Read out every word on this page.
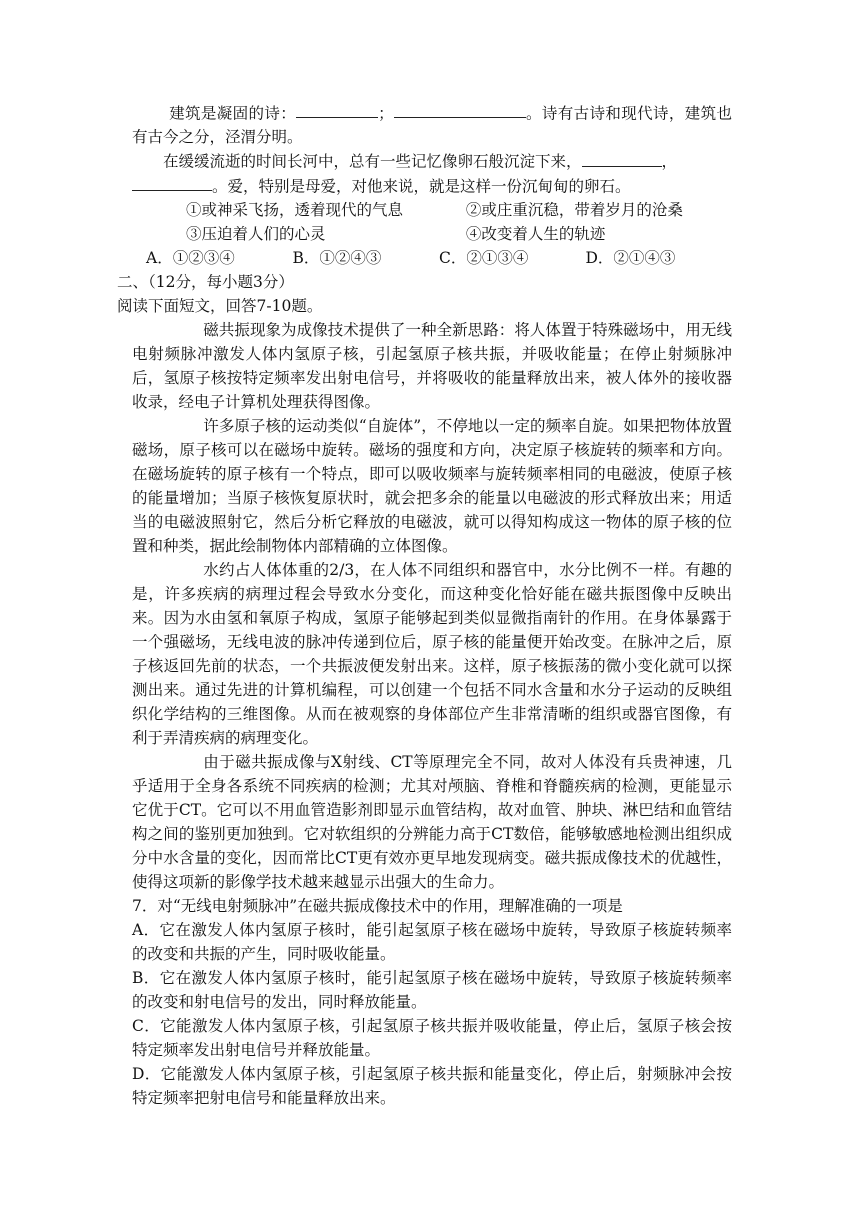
建筑是凝固的诗：	；	。诗有古诗和现代诗，建筑也有古今之分，泾渭分明。

在缓缓流逝的时间长河中，总有一些记忆像卵石般沉淀下来，	，
。爱，特别是母爱，对他来说，就是这样一份沉甸甸的卵石。

①或神采飞扬，透着现代的气息	②或庄重沉稳，带着岁月的沧桑

③压迫着人们的心灵	④改变着人生的轨迹

A．①②③④	B．①②④③	C．②①③④	D．②①④③

二、（12分，每小题3分）

阅读下面短文，回答7-10题。

磁共振现象为成像技术提供了一种全新思路：将人体置于特殊磁场中，用无线电射频脉冲激发人体内氢原子核，引起氢原子核共振，并吸收能量；在停止射频脉冲后，氢原子核按特定频率发出射电信号，并将吸收的能量释放出来，被人体外的接收器收录，经电子计算机处理获得图像。

许多原子核的运动类似“自旋体”，不停地以一定的频率自旋。如果把物体放置磁场，原子核可以在磁场中旋转。磁场的强度和方向，决定原子核旋转的频率和方向。在磁场旋转的原子核有一个特点，即可以吸收频率与旋转频率相同的电磁波，使原子核的能量增加；当原子核恢复原状时，就会把多余的能量以电磁波的形式释放出来；用适当的电磁波照射它，然后分析它释放的电磁波，就可以得知构成这一物体的原子核的位置和种类，据此绘制物体内部精确的立体图像。

水约占人体体重的2/3，在人体不同组织和器官中，水分比例不一样。有趣的是，许多疾病的病理过程会导致水分变化，而这种变化恰好能在磁共振图像中反映出来。因为水由氢和氧原子构成，氢原子能够起到类似显微指南针的作用。在身体暴露于一个强磁场，无线电波的脉冲传递到位后，原子核的能量便开始改变。在脉冲之后，原子核返回先前的状态，一个共振波便发射出来。这样，原子核振荡的微小变化就可以探测出来。通过先进的计算机编程，可以创建一个包括不同水含量和水分子运动的反映组织化学结构的三维图像。从而在被观察的身体部位产生非常清晰的组织或器官图像，有利于弄清疾病的病理变化。

由于磁共振成像与X射线、CT等原理完全不同，故对人体没有兵贵神速，几乎适用于全身各系统不同疾病的检测；尤其对颅脑、脊椎和脊髓疾病的检测，更能显示它优于CT。它可以不用血管造影剂即显示血管结构，故对血管、肿块、淋巴结和血管结构之间的鉴别更加独到。它对软组织的分辨能力高于CT数倍，能够敏感地检测出组织成分中水含量的变化，因而常比CT更有效亦更早地发现病变。磁共振成像技术的优越性，使得这项新的影像学技术越来越显示出强大的生命力。

7．对“无线电射频脉冲”在磁共振成像技术中的作用，理解准确的一项是

A．它在激发人体内氢原子核时，能引起氢原子核在磁场中旋转，导致原子核旋转频率的改变和共振的产生，同时吸收能量。

B．它在激发人体内氢原子核时，能引起氢原子核在磁场中旋转，导致原子核旋转频率的改变和射电信号的发出，同时释放能量。

C．它能激发人体内氢原子核，引起氢原子核共振并吸收能量，停止后，氢原子核会按特定频率发出射电信号并释放能量。

D．它能激发人体内氢原子核，引起氢原子核共振和能量变化，停止后，射频脉冲会按特定频率把射电信号和能量释放出来。
